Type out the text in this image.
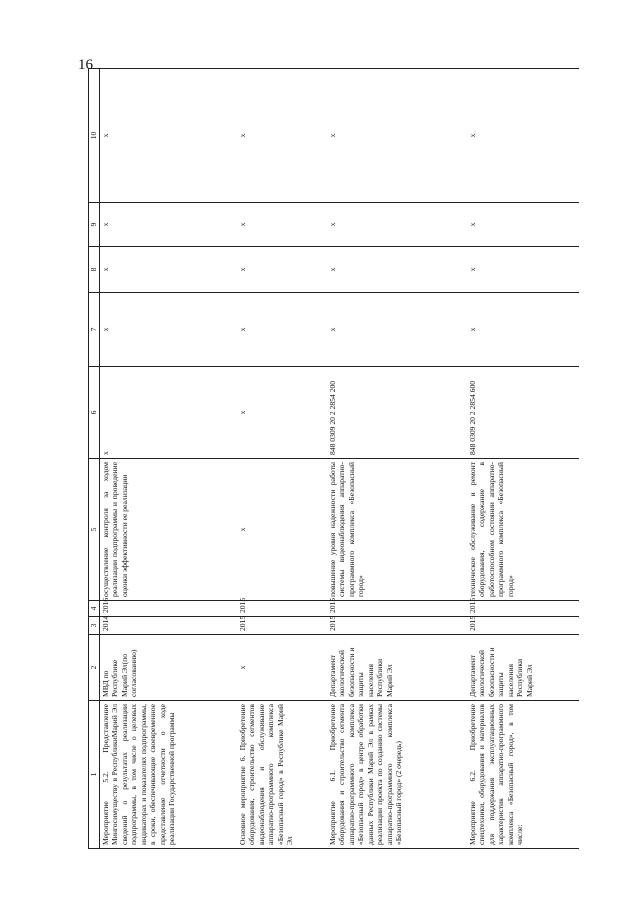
16
1	2	3	4	5	6	7	8	9	10
Мероприятие 5.2. Представление Мингосимуществу в РеспубликиМарий Эл сведений о результатах реализации подпрограммы, в том числе о целевых индикаторах и показателях подпрограммы, в сроки, обеспечивающие своевременное представление отчетности о ходе реализации Государственной программы	МВД по Республике Марий Эл(по согласованию)	2014	2016	осуществление контроля за ходом реализации подпрограммы и проведение оценки эффективности ее реализации	х	х	х	х	х
Основное мероприятие 6. Приобретение оборудования, строительство сегментов видеонаблюдения и обслуживание аппаратно-программного комплекса «Безопасный город» в Республике Марий Эл	х	2015	2015	х	х	х	х	х	х
Мероприятие 6.1. Приобретение оборудования и строительство сегмента аппаратно-программного комплекса «Безопасный город» в центре обработки данных Республики Марий Эл в рамках реализации проекта по созданию системы аппаратно-программного комплекса «Безопасный город» (2 очередь)	Департамент экологической безопасности и защиты населения Республики Марий Эл	2015	2015	повышение уровня надежности работы системы видеонаблюдения аппаратно-программного комплекса «Безопасный город»	848 0309 20 2 2854 200	х	х	х	х
Мероприятие 6.2. Приобретение спецтехники, оборудования и материалов для поддержания эксплуатационных характеристик аппаратно-программного комплекса «Безопасный город», в том числе:	Департамент экологической безопасности и защиты населения Республики Марий Эл	2015	2015	техническое обслуживание и ремонт оборудования, содержание в работоспособном состоянии аппаратно-программного комплекса «Безопасный город»	848 0309 20 2 2854 600	х	х	х	х
